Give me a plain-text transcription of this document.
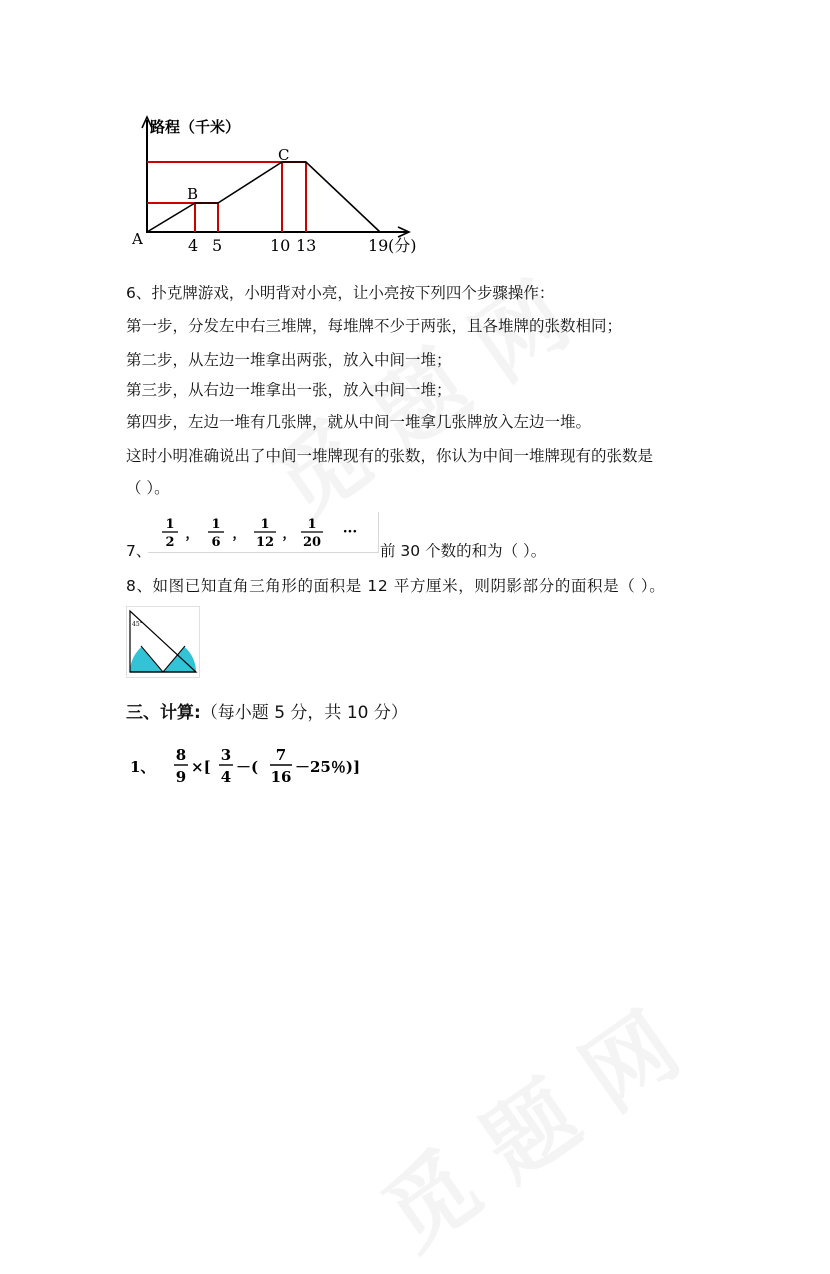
路程（千米）
A
B
C
4 5	10 13	19 (分)
6、扑克牌游戏，小明背对小亮，让小亮按下列四个步骤操作：
第一步，分发左中右三堆牌，每堆牌不少于两张，且各堆牌的张数相同；
第二步，从左边一堆拿出两张，放入中间一堆；
第三步，从右边一堆拿出一张，放入中间一堆；
第四步，左边一堆有几张牌，就从中间一堆拿几张牌放入左边一堆。
这时小明准确说出了中间一堆牌现有的张数，你认为中间一堆牌现有的张数是
（ ）。
7、
1
2
，
1
6
，
1
12
，
1
20
···
前 30 个数的和为（ ）。
8、如图已知直角三角形的面积是 12 平方厘米，则阴影部分的面积是（ ）。
45°
三、计算:（每小题 5 分，共 10 分）
1、
8
9
×[
3
4
－(
7
16
－25％)]
